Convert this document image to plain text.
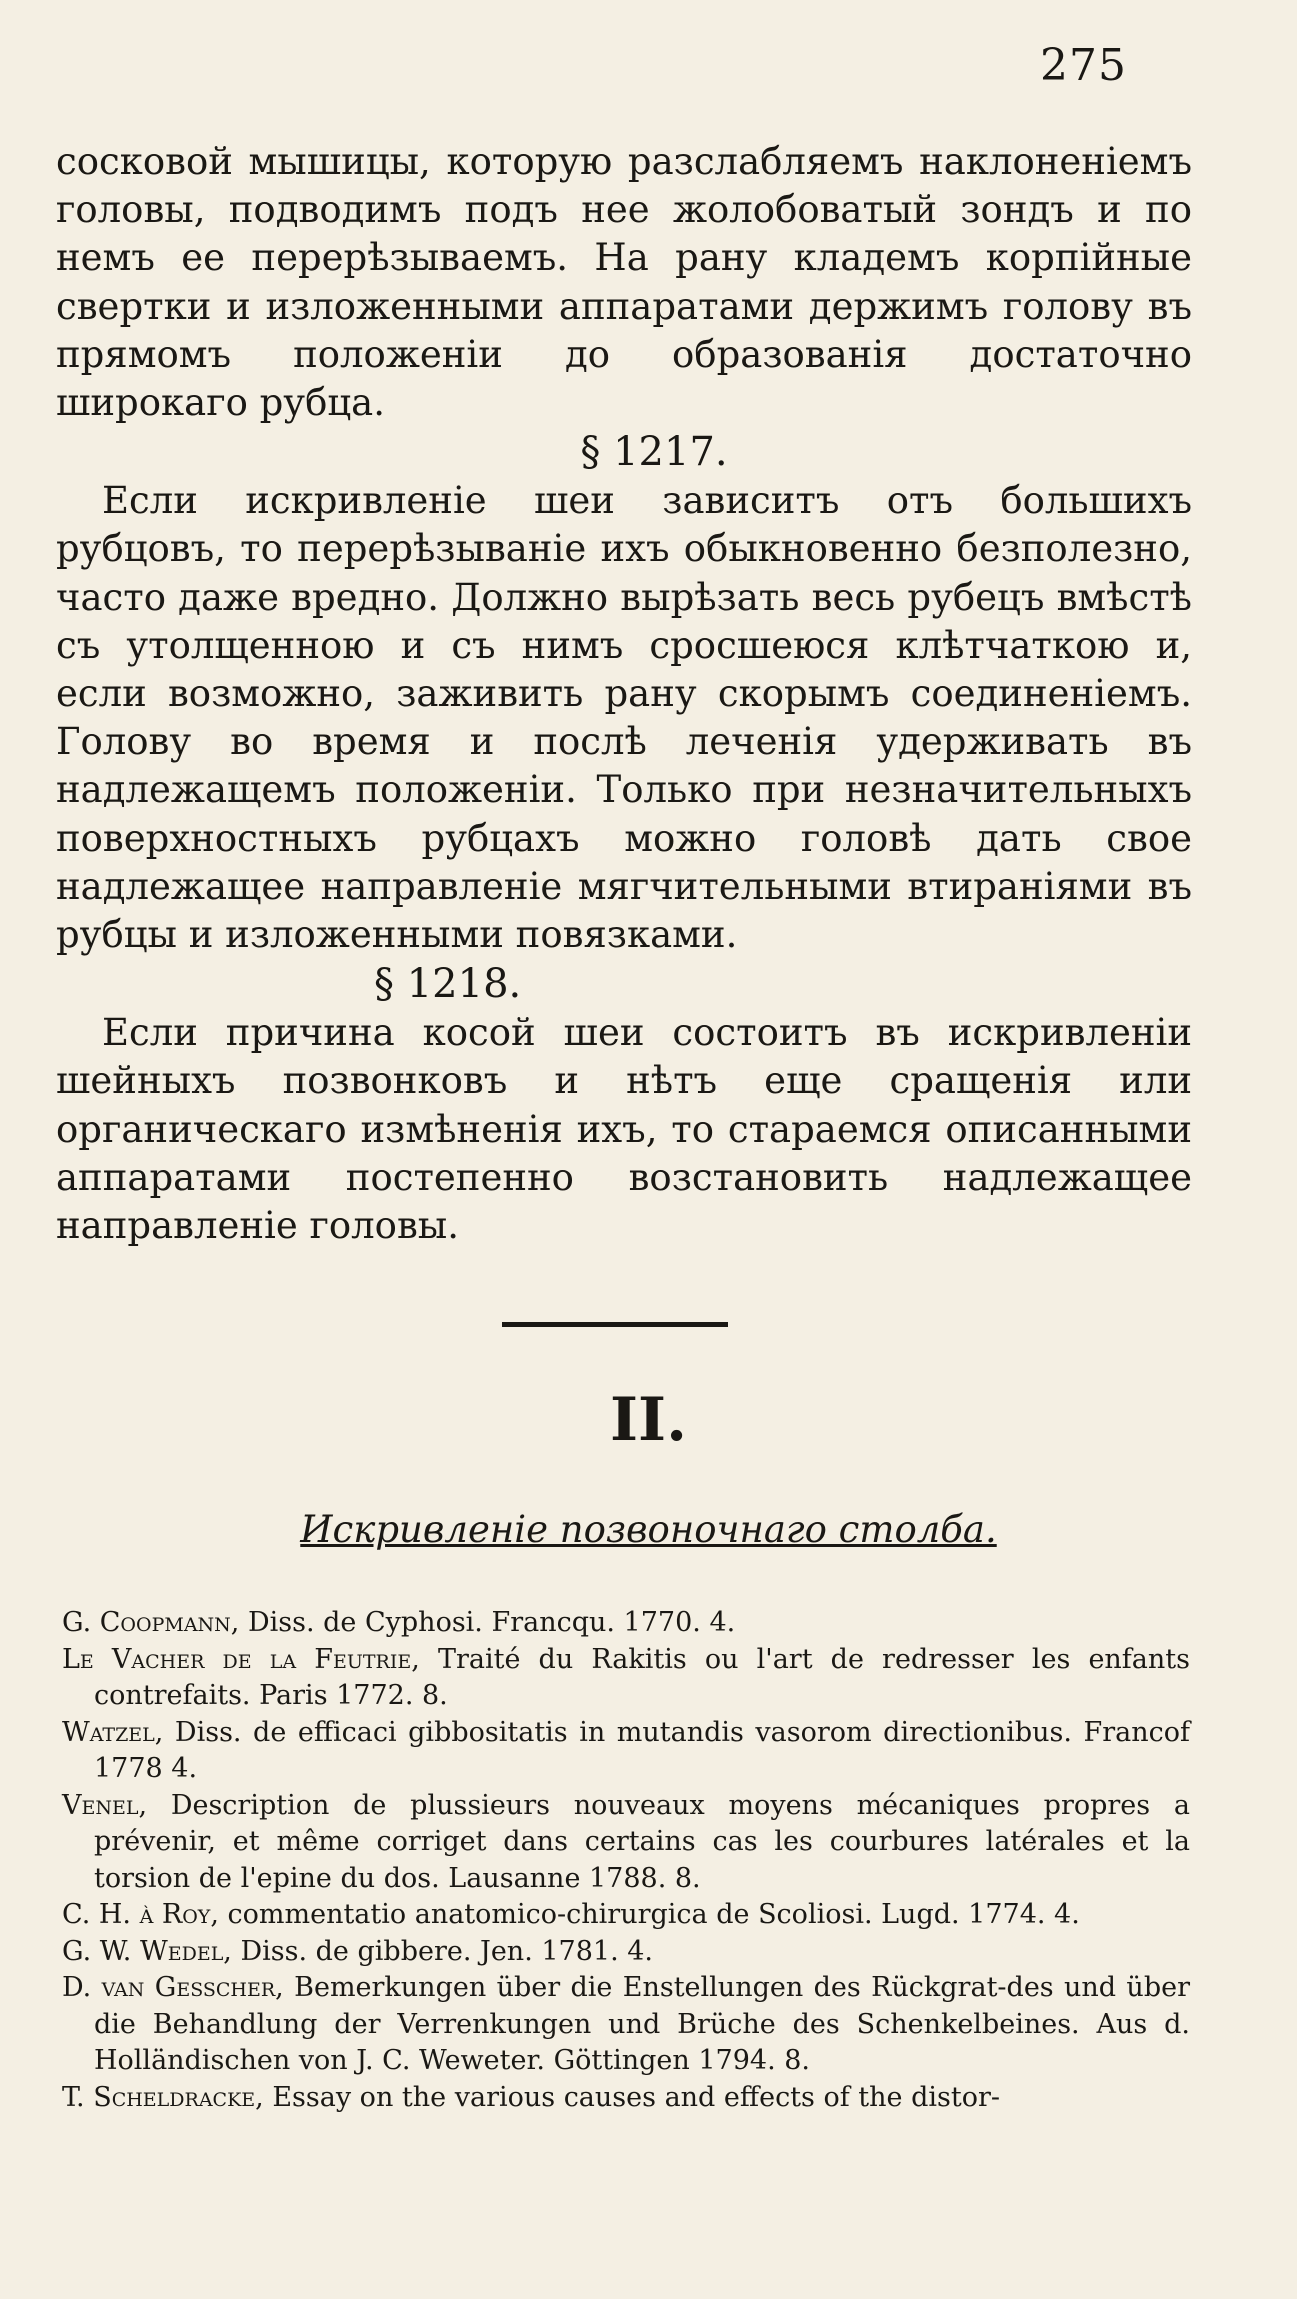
275

сосковой мышицы, которую разслабляемъ наклоненіемъ головы, подводимъ подъ нее жолобоватый зондъ и по немъ ее перерѣзываемъ. На рану кладемъ корпійные свертки и изложенными аппаратами держимъ голову въ прямомъ положеніи до образованія достаточно широкаго рубца.

§ 1217.

Если искривленіе шеи зависитъ отъ большихъ рубцовъ, то перерѣзываніе ихъ обыкновенно безполезно, часто даже вредно. Должно вырѣзать весь рубецъ вмѣстѣ съ утолщенною и съ нимъ сросшеюся клѣтчаткою и, если возможно, заживить рану скорымъ соединеніемъ. Голову во время и послѣ леченія удерживать въ надлежащемъ положеніи. Только при незначительныхъ поверхностныхъ рубцахъ можно головѣ дать свое надлежащее направленіе мягчительными втираніями въ рубцы и изложенными повязками.

§ 1218.

Если причина косой шеи состоитъ въ искривленіи шейныхъ позвонковъ и нѣтъ еще сращенія или органическаго измѣненія ихъ, то стараемся описанными аппаратами постепенно возстановить надлежащее направленіе головы.

II.
Искривленіе позвоночнаго столба.

G. Coopmann, Diss. de Cyphosi. Francqu. 1770. 4.

Le Vacher de la Feutrie, Traité du Rakitis ou l'art de redresser les enfants contrefaits. Paris 1772. 8.

Watzel, Diss. de efficaci gibbositatis in mutandis vasorom directionibus. Francof 1778 4.

Venel, Description de plussieurs nouveaux moyens mécaniques propres a prévenir, et même corriget dans certains cas les courbures latérales et la torsion de l'epine du dos. Lausanne 1788. 8.

C. H. à Roy, commentatio anatomico-chirurgica de Scoliosi. Lugd. 1774. 4.

G. W. Wedel, Diss. de gibbere. Jen. 1781. 4.

D. van Gesscher, Bemerkungen über die Enstellungen des Rückgrat-des und über die Behandlung der Verrenkungen und Brüche des Schenkelbeines. Aus d. Holländischen von J. C. Weweter. Göttingen 1794. 8.

T. Scheldracke, Essay on the various causes and effects of the distor-
